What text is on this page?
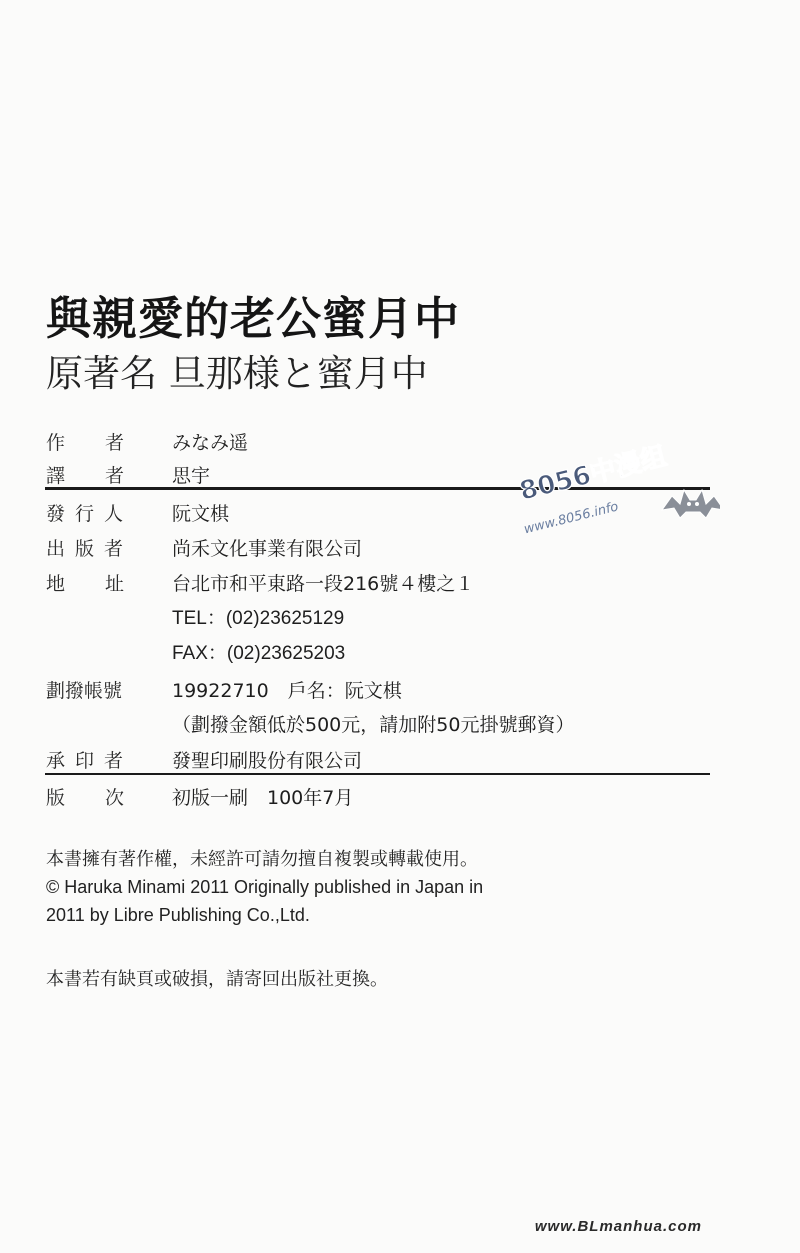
與親愛的老公蜜月中
原著名 旦那様と蜜月中
作者 みなみ遥
譯者 思宇
發行人 阮文棋
出版者 尚禾文化事業有限公司
地址 台北市和平東路一段216號４樓之１
TEL：(02)23625129
FAX：(02)23625203
劃撥帳號	19922710　戶名：阮文棋
（劃撥金額低於500元，請加附50元掛號郵資）
承印者 發聖印刷股份有限公司
版次 初版一刷　100年7月
本書擁有著作權，未經許可請勿擅自複製或轉載使用。
© Haruka Minami 2011 Originally published in Japan in
2011 by Libre Publishing Co.,Ltd.
本書若有缺頁或破損，請寄回出版社更換。
8056中漫组
www.8056.info
www.BLmanhua.com
